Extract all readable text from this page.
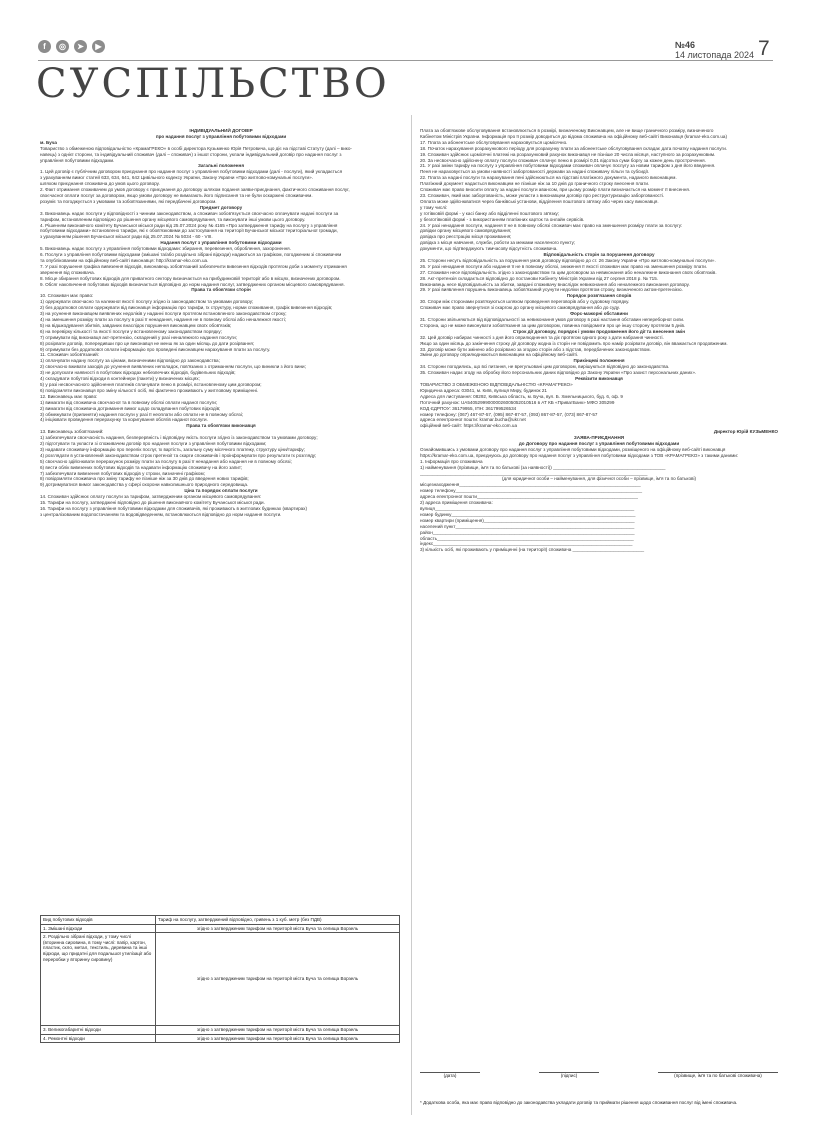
f	◎	➤	▶	№46
14 листопада 2024 7
СУСПІЛЬСТВО
ІНДИВІДУАЛЬНИЙ ДОГОВІР
про надання послуг з управління побутовими відходами
м. Буча
Товариство з обмеженою відповідальністю «КрамаГРЕКО» в особі директора Кузьменко Юрія Петровича, що діє на підставі Статуту (далі – вико-
навець) з однієї сторони, та індивідуальний споживач (далі – споживач) з іншої сторони, уклали індивідуальний договір про надання послуг з
управління побутовими відходами.
Загальні положення
1. Цей договір є публічним договором приєднання про надання послуг з управління побутовими відходами (далі - послуги), який укладається
з урахуванням вимог статей 633, 634, 641, 642 Цивільного кодексу України, Закону України «Про житлово-комунальні послуги».
шляхом приєднання споживача до умов цього договору.
2. Факт отримання споживачем до умов договору є приєднання до договору шляхом подання заяви-приєднання, фактичного споживання послуг,
своєчасної оплати послуг за договором, якщо умови договору не вимагають його підписання та не були оскаржені споживачем.
розуміє та погоджується з умовами та зобов'язаннями, які передбачені договором.
Предмет договору
3. Виконавець надає послуги у відповідності з чинним законодавством, а споживач зобов'язується своєчасно оплачувати надані послуги за
тарифом, встановленим відповідно до рішення органу місцевого самоврядування, та виконувати інші умови цього договору.
4. Рішенням виконавчого комітету Бучанської міської ради від 25.07.2024 року № 4165 «Про затвердження тарифу на послугу з управління
побутовими відходами» встановлено тарифи, які є обов'язковими до застосування на території Бучанської міської територіальної громади,
з урахуванням рішення Бучанської міської ради від 25.07.2024 № 5034 - 60 - VIII.
Надання послуг з управління побутовими відходами
5. Виконавець надає послугу з управління побутовими відходами: збирання, перевезення, оброблення, захоронення.
6. Послуги з управління побутовими відходами (змішані та/або роздільно зібрані відходи) надаються за графіком, погодженим зі споживачем
та опублікованим на офіційному веб-сайті виконавця: http://kramar-eko.com.ua.
7. У разі порушення графіка вивезення відходів, виконавець зобов'язаний забезпечити вивезення відходів протягом доби з моменту отримання
звернення від споживача.
8. Місце збирання побутових відходів для приватного сектору визначається на прибудинковій території або в місцях, визначених договором.
9. Обсяг накопичення побутових відходів визначається відповідно до норм надання послуг, затверджених органом місцевого самоврядування.
Права та обов'язки сторін
10. Споживач має право:
1) одержувати своєчасно та належної якості послугу згідно із законодавством та умовами договору;
2) без додаткової оплати одержувати від виконавця інформацію про тарифи, їх структуру, норми споживання, графік вивезення відходів;
3) на усунення виконавцем виявлених недоліків у наданні послуги протягом встановленого законодавством строку;
4) на зменшення розміру плати за послугу в разі її ненадання, надання не в повному обсязі або неналежної якості;
5) на відшкодування збитків, завданих внаслідок порушення виконавцем своїх обов'язків;
6) на перевірку кількості та якості послуги у встановленому законодавством порядку;
7) отримувати від виконавця акт-претензію, складений у разі неналежного надання послуги;
8) розірвати договір, попередивши про це виконавця не менш як за один місяць до дати розірвання;
9) отримувати без додаткової оплати інформацію про проведені виконавцем нарахування плати за послугу.
11. Споживач зобов'язаний:
1) оплачувати надану послугу за цінами, визначеними відповідно до законодавства;
2) своєчасно вживати заходів до усунення виявлених неполадок, пов'язаних з отриманням послуги, що виникли з його вини;
3) не допускати наявності в побутових відходах небезпечних відходів, будівельних відходів;
4) складувати побутові відходи в контейнери (пакети) у визначених місцях;
5) у разі несвоєчасного здійснення платежів сплачувати пеню в розмірі, встановленому цим договором;
6) повідомляти виконавця про зміну кількості осіб, які фактично проживають у житловому приміщенні.
12. Виконавець має право:
1) вимагати від споживача своєчасної та в повному обсязі оплати наданої послуги;
2) вимагати від споживача дотримання вимог щодо складування побутових відходів;
3) обмежувати (припиняти) надання послуги у разі її неоплати або оплати не в повному обсязі;
4) ініціювати проведення перерахунку та коригування обсягів наданої послуги.
Права та обов'язки виконавця
13. Виконавець зобов'язаний:
1) забезпечувати своєчасність надання, безперервність і відповідну якість послуги згідно із законодавством та умовами договору;
2) підготувати та укласти зі споживачем договір про надання послуги з управління побутовими відходами;
3) надавати споживачу інформацію про перелік послуг, їх вартість, загальну суму місячного платежу, структуру ціни/тарифу;
4) розглядати в установлений законодавством строк претензії та скарги споживачів і проінформувати про результати їх розгляду;
5) своєчасно здійснювати перерахунок розміру плати за послугу в разі її ненадання або надання не в повному обсязі;
6) вести облік вивезених побутових відходів та надавати інформацію споживачу на його запит;
7) забезпечувати вивезення побутових відходів у строки, визначені графіком;
8) повідомляти споживача про зміну тарифу не пізніше ніж за 30 днів до введення нових тарифів;
9) дотримуватися вимог законодавства у сфері охорони навколишнього природного середовища.
Ціна та порядок оплати послуги
14. Споживач здійснює оплату послуги за тарифом, затвердженим органом місцевого самоврядування:
15. Тарифи на послугу, затверджені відповідно до рішення виконавчого комітету Бучанської міської ради.
16. Тарифи на послугу з управління побутовими відходами для споживачів, які проживають в житлових будинках (квартирах)
з централізованим водопостачанням та водовідведенням, встановлюються відповідно до норм надання послуги.
Вид побутових відходів	Тариф на послугу, затверджений відповідно, гривень з 1 куб. метр (без ПДВ)
1. Змішані відходи	згідно з затвердженим тарифом на території міста Буча та селища Ворзель
2. Роздільно зібрані відходи, у тому числі (вторинна сировина, в тому числі: папір, картон, пластик, скло, метал, текстиль, деревина та інші відходи, що придатні для подальшої утилізації або переробки у вторинну сировину)	згідно з затвердженим тарифом на території міста Буча та селища Ворзель
3. Великогабаритні відходи	згідно з затвердженим тарифом на території міста Буча та селища Ворзель
4. Ремонтні відходи	згідно з затвердженим тарифом на території міста Буча та селища Ворзель
Плата за обов'язкове обслуговування встановлюється в розмірі, визначеному Виконавцем, але не вище граничного розміру, визначеного
Кабінетом Міністрів України. Інформація про її розмір доводиться до відома споживача на офіційному веб-сайті Виконавця (kramar-eko.com.ua)
17. Плата за абонентське обслуговування нараховується щомісячно.
18. Початок нарахування розрахункового періоду для розрахунку плати за абонентське обслуговування складає дата початку надання послуги.
19. Споживач здійснює щомісячні платежі на розрахунковий рахунок виконавця не пізніше 20 числа місяця, наступного за розрахунковим.
20. За несвоєчасно здійснену оплату послуги споживач сплачує пеню в розмірі 0,01 відсотка суми боргу за кожен день прострочення.
21. У разі зміни тарифу на послугу з управління побутовими відходами споживач оплачує послугу за новим тарифом з дня його введення.
Пеня не нараховується за умови наявності заборгованості держави за надані споживачу пільги та субсидії.
22. Плата за надані послуги та нарахування пені здійснюються на підставі платіжного документа, наданого виконавцем.
Платіжний документ надається виконавцем не пізніше ніж за 10 днів до граничного строку внесення плати.
Споживач має право вносити оплату за надані послуги авансом, при цьому розмір плати визначається на момент її внесення.
23. Споживач, який має заборгованість, може укласти з виконавцем договір про реструктуризацію заборгованості.
Оплата може здійснюватися через банківські установи, відділення поштового зв'язку або через касу виконавця.
у тому числі:
у готівковій формі - у касі банку або відділенні поштового зв'язку;
у безготівковій формі - з використанням платіжних карток та онлайн сервісів.
24. У разі ненадання послуги, надання її не в повному обсязі споживач має право на зменшення розміру плати за послугу:
довідки органу місцевого самоврядування;
довідка про реєстрацію місця проживання;
довідка з місця навчання, служби, роботи за межами населеного пункту;
документи, що підтверджують тимчасову відсутність споживача.
Відповідальність сторін за порушення договору
25. Сторони несуть відповідальність за порушення умов договору відповідно до ст. 26 Закону України «Про житлово-комунальні послуги».
26. У разі ненадання послуги або надання її не в повному обсязі, зниження її якості споживач має право на зменшення розміру плати.
27. Споживач несе відповідальність згідно з законодавством та цим договором за невиконання або неналежне виконання своїх обов'язків.
28. Акт-претензія складається відповідно до постанови Кабінету Міністрів України від 27 серпня 2018 р. № 715.
Виконавець несе відповідальність за збитки, завдані споживачу внаслідок невиконання або неналежного виконання договору.
29. У разі виявлення порушень виконавець зобов'язаний усунути недоліки протягом строку, визначеного актом-претензією.
Порядок розв'язання спорів
30. Спори між сторонами розв'язуються шляхом проведення переговорів або у судовому порядку.
Споживач має право звернутися зі скаргою до органу місцевого самоврядування або до суду.
Форс-мажорні обставини
31. Сторони звільняються від відповідальності за невиконання умов договору в разі настання обставин непереборної сили.
Сторона, що не може виконувати зобов'язання за цим договором, повинна повідомити про це іншу сторону протягом 5 днів.
Строк дії договору, порядок і умови продовження його дії та внесення змін
32. Цей договір набирає чинності з дня його оприлюднення та діє протягом одного року з дати набрання чинності.
Якщо за один місяць до закінчення строку дії договору жодна із сторін не повідомить про намір розірвати договір, він вважається продовженим.
33. Договір може бути змінено або розірвано за згодою сторін або з підстав, передбачених законодавством.
Зміни до договору оприлюднюються виконавцем на офіційному веб-сайті.
Прикінцеві положення
34. Сторони погодились, що всі питання, не врегульовані цим договором, вирішуються відповідно до законодавства.
35. Споживач надає згоду на обробку його персональних даних відповідно до Закону України «Про захист персональних даних».
Реквізити виконавця
ТОВАРИСТВО З ОБМЕЖЕНОЮ ВІДПОВІДАЛЬНІСТЮ «КРАМАГРЕКО»
Юридична адреса: 03041, м. Київ, вулиця Миру, будинок 21
Адреса для листування: 08292, Київська область, м. Буча, вул. Б. Хмельницького, буд. 6, оф. 9
Поточний рахунок: UA540529990000026005052010516 в АТ КБ «ПриватБанк» МФО 305299
КОД ЄДРПОУ: 36179955, ІПН: 361799526534
номер телефону: (067) 467-87-57, (095) 867-87-57, (093) 867-87-57, (073) 867-87-57
адреса електронної пошти: kramar.bucha@ukr.net
офіційний веб-сайт: https://kramar-eko.com.ua
Директор Юрій КУЗЬМЕНКО
ЗАЯВА-ПРИЄДНАННЯ
до Договору про надання послуг з управління побутовими відходами
Ознайомившись з умовами договору про надання послуг з управління побутовими відходами, розміщеного на офіційному веб-сайті виконавця
https://kramar-eko.com.ua, приєднуюсь до договору про надання послуг з управління побутовими відходами з ТОВ «КРАМАГРЕКО» з такими даними:
1. Інформація про споживача
1) найменування (прізвище, ім'я та по батькові (за наявності)) ____________________________________________
_________________________________________________________________________________________
(для юридичної особи – найменування, для фізичної особи – прізвище, ім'я та по батькові)
місцезнаходження_______________________________________________________________________
номер телефону_________________________________________________________________________
адреса електронної пошти_______________________________________________________________
2) адреса приміщення споживача:
вулиця______________________________________________________________________________
номер будинку________________________________________________________________________
номер квартири (приміщення)___________________________________________________________
населений пункт______________________________________________________________________
район_______________________________________________________________________________
область_____________________________________________________________________________
індекс______________________________________________________________________________
3) кількість осіб, які проживають у приміщенні (на території) споживача ____________________________
(дата)	(підпис)	(прізвище, ім'я та по батькові споживача)
* Додаткова особа, яка має право відповідно до законодавства укладати договір та приймати рішення щодо споживання послуг від імені споживача.
